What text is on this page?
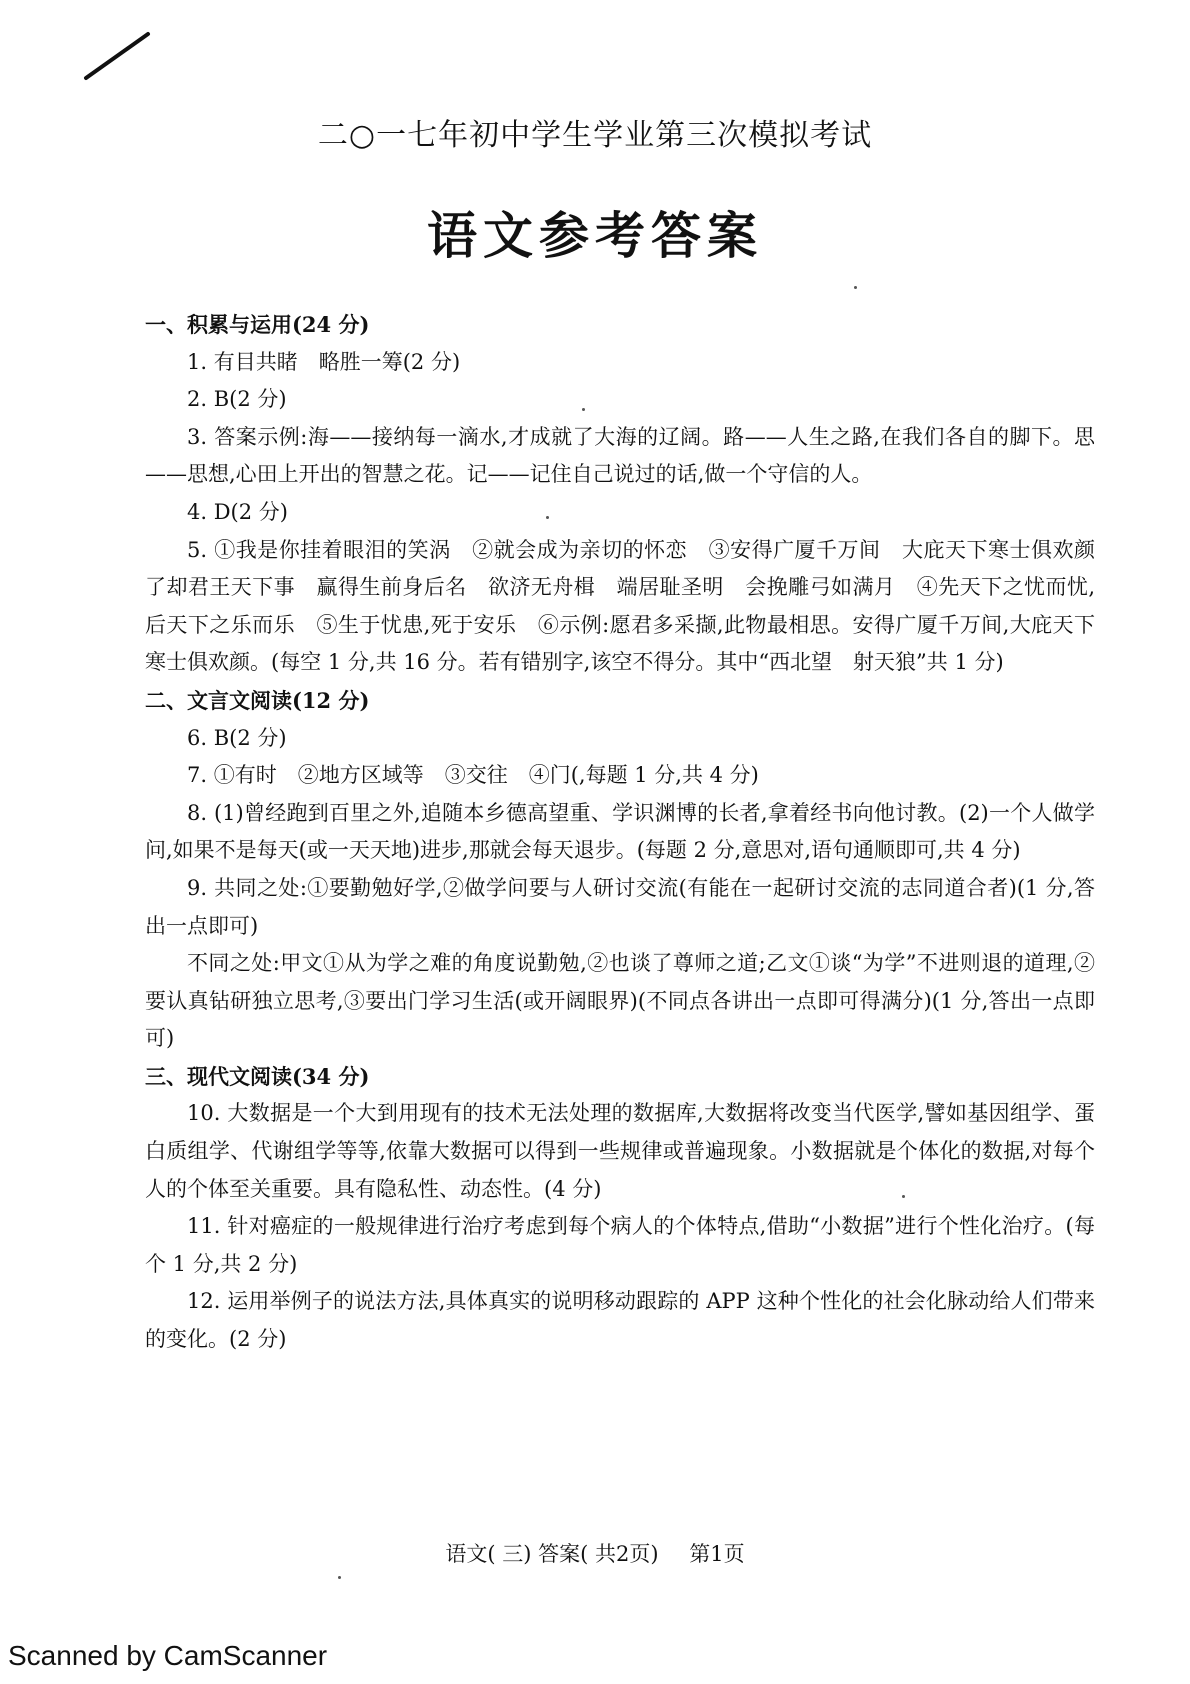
二○一七年初中学生学业第三次模拟考试
语文参考答案

一、积累与运用(24 分)

1. 有目共睹　略胜一筹(2 分)

2. B(2 分)

3. 答案示例:海——接纳每一滴水,才成就了大海的辽阔。路——人生之路,在我们各自的脚下。思——思想,心田上开出的智慧之花。记——记住自己说过的话,做一个守信的人。

4. D(2 分)

5. ①我是你挂着眼泪的笑涡　②就会成为亲切的怀恋　③安得广厦千万间　大庇天下寒士俱欢颜　了却君王天下事　赢得生前身后名　欲济无舟楫　端居耻圣明　会挽雕弓如满月　④先天下之忧而忧,后天下之乐而乐　⑤生于忧患,死于安乐　⑥示例:愿君多采撷,此物最相思。安得广厦千万间,大庇天下寒士俱欢颜。(每空 1 分,共 16 分。若有错别字,该空不得分。其中“西北望　射天狼”共 1 分)

二、文言文阅读(12 分)

6. B(2 分)

7. ①有时　②地方区域等　③交往　④门(,每题 1 分,共 4 分)

8. (1)曾经跑到百里之外,追随本乡德高望重、学识渊博的长者,拿着经书向他讨教。(2)一个人做学问,如果不是每天(或一天天地)进步,那就会每天退步。(每题 2 分,意思对,语句通顺即可,共 4 分)

9. 共同之处:①要勤勉好学,②做学问要与人研讨交流(有能在一起研讨交流的志同道合者)(1 分,答出一点即可)

不同之处:甲文①从为学之难的角度说勤勉,②也谈了尊师之道;乙文①谈“为学”不进则退的道理,②要认真钻研独立思考,③要出门学习生活(或开阔眼界)(不同点各讲出一点即可得满分)(1 分,答出一点即可)

三、现代文阅读(34 分)

10. 大数据是一个大到用现有的技术无法处理的数据库,大数据将改变当代医学,譬如基因组学、蛋白质组学、代谢组学等等,依靠大数据可以得到一些规律或普遍现象。小数据就是个体化的数据,对每个人的个体至关重要。具有隐私性、动态性。(4 分)

11. 针对癌症的一般规律进行治疗考虑到每个病人的个体特点,借助“小数据”进行个性化治疗。(每个 1 分,共 2 分)

12. 运用举例子的说法方法,具体真实的说明移动跟踪的 APP 这种个性化的社会化脉动给人们带来的变化。(2 分)

语文( 三) 答案( 共2页) 第1页
Scanned by CamScanner
